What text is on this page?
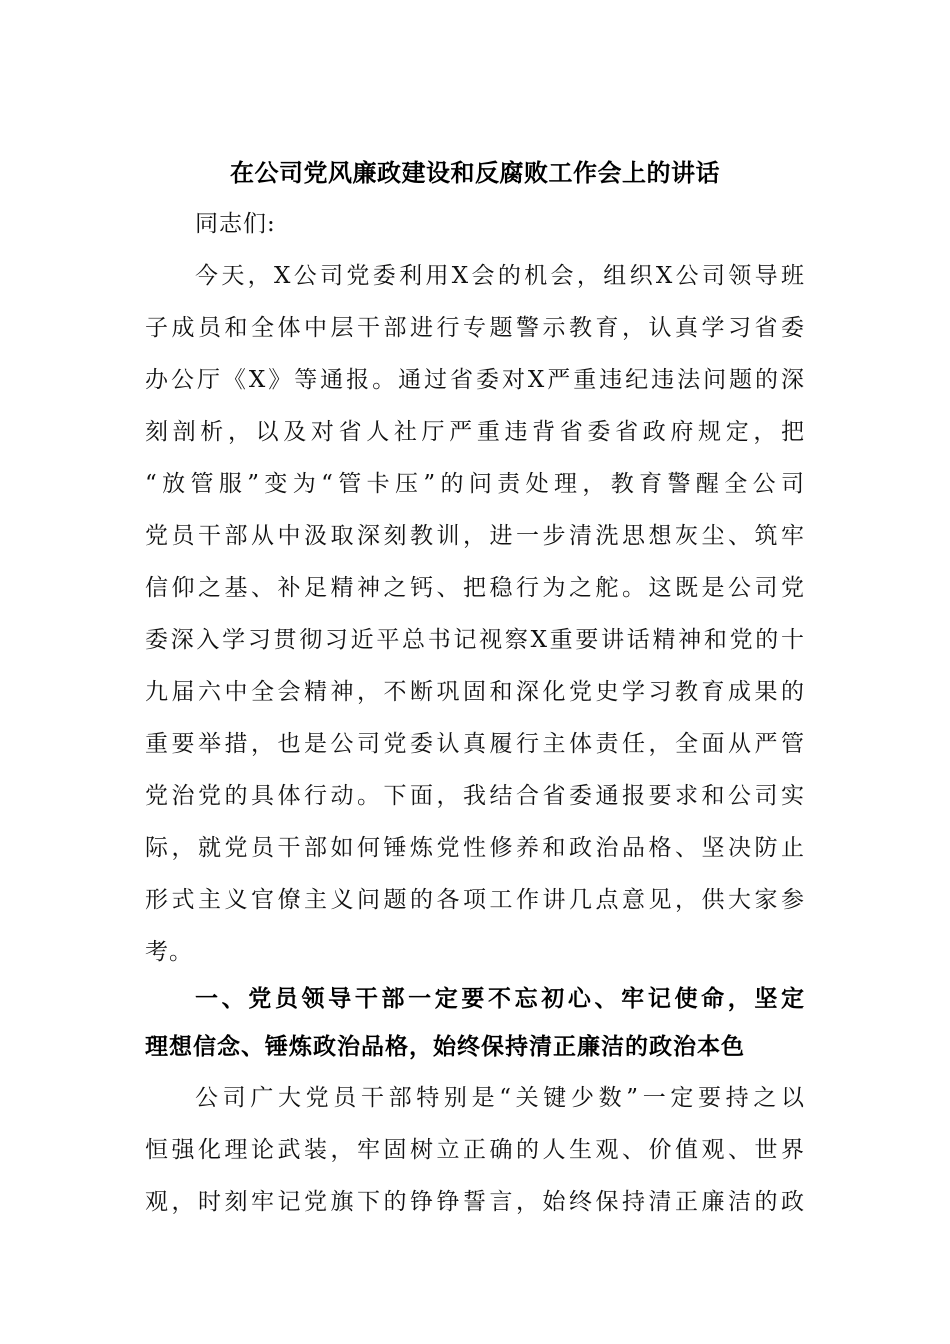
在公司党风廉政建设和反腐败工作会上的讲话
同志们:
今天，X公司党委利用X会的机会，组织X公司领导班
子成员和全体中层干部进行专题警示教育，认真学习省委
办公厅《X》等通报。通过省委对X严重违纪违法问题的深
刻剖析，以及对省人社厅严重违背省委省政府规定，把
“放管服”变为“管卡压”的问责处理，教育警醒全公司
党员干部从中汲取深刻教训，进一步清洗思想灰尘、筑牢
信仰之基、补足精神之钙、把稳行为之舵。这既是公司党
委深入学习贯彻习近平总书记视察X重要讲话精神和党的十
九届六中全会精神，不断巩固和深化党史学习教育成果的
重要举措，也是公司党委认真履行主体责任，全面从严管
党治党的具体行动。下面，我结合省委通报要求和公司实
际，就党员干部如何锤炼党性修养和政治品格、坚决防止
形式主义官僚主义问题的各项工作讲几点意见，供大家参
考。
一、党员领导干部一定要不忘初心、牢记使命，坚定
理想信念、锤炼政治品格，始终保持清正廉洁的政治本色
公司广大党员干部特别是“关键少数”一定要持之以
恒强化理论武装，牢固树立正确的人生观、价值观、世界
观，时刻牢记党旗下的铮铮誓言，始终保持清正廉洁的政
